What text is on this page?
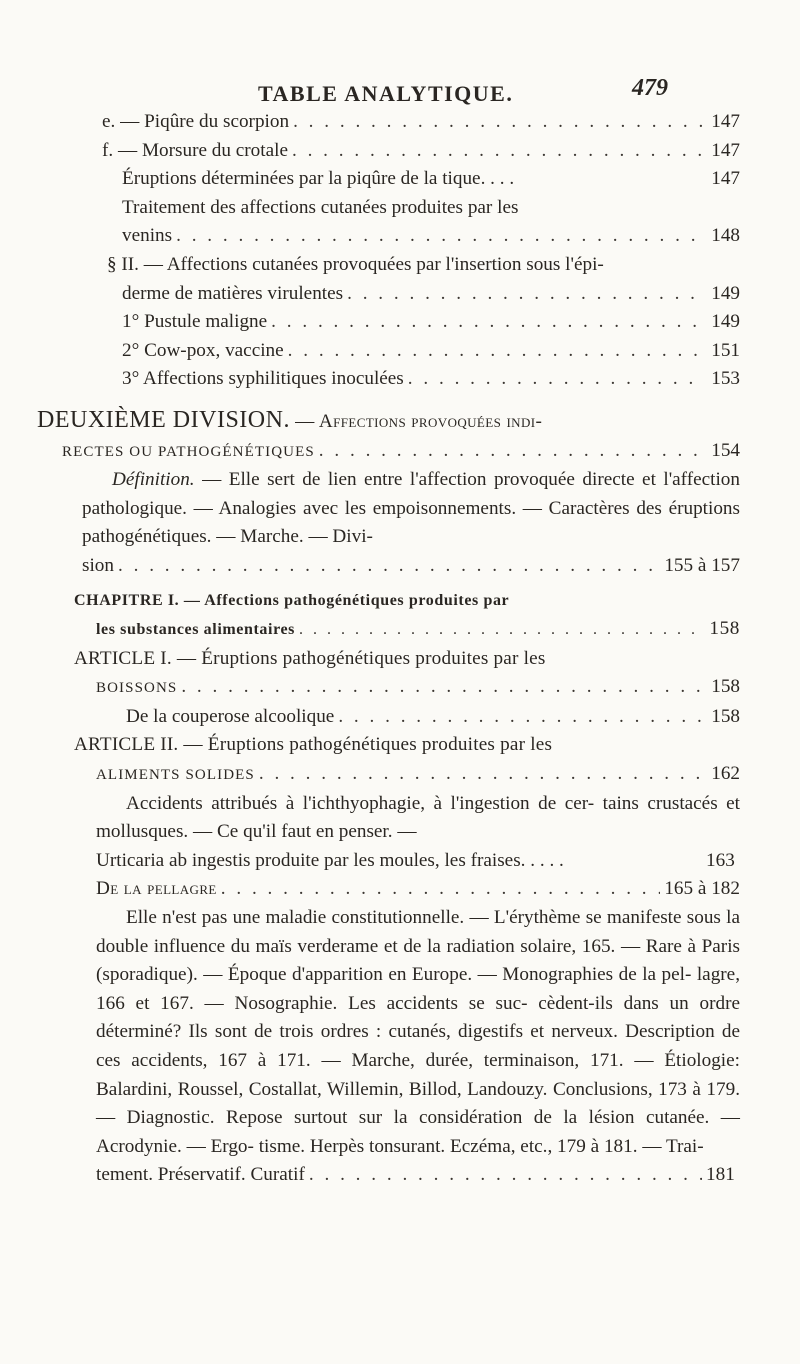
TABLE ANALYTIQUE.	479
e. — Piqûre du scorpion . . .	147
f. — Morsure du crotale . . .	147
Éruptions déterminées par la piqûre de la tique. . . .	147
Traitement des affections cutanées produites par les
venins . . .	148
§ II. — Affections cutanées provoquées par l'insertion sous l'épi-
derme de matières virulentes . . .	149
1° Pustule maligne . . .	149
2° Cow-pox, vaccine . . .	151
3° Affections syphilitiques inoculées . . .	153
DEUXIÈME DIVISION. — Affections provoquées indi-
RECTES OU PATHOGÉNÉTIQUES . . .	154
Définition. — Elle sert de lien entre l'affection provoquée directe et l'affection pathologique. — Analogies avec les empoisonnements. — Caractères des éruptions pathogénétiques. — Marche. — Divi-
sion . . .	155 à 157
CHAPITRE I. — Affections pathogénétiques produites par
les substances alimentaires . . .	158
ARTICLE I. — Éruptions pathogénétiques produites par les
BOISSONS . . .	158
De la couperose alcoolique . . .	158
ARTICLE II. — Éruptions pathogénétiques produites par les
ALIMENTS SOLIDES . . .	162
Accidents attribués à l'ichthyophagie, à l'ingestion de cer- tains crustacés et mollusques. — Ce qu'il faut en penser. —
Urticaria ab ingestis produite par les moules, les fraises. . . . .	163
De la pellagre . . .	165 à 182
Elle n'est pas une maladie constitutionnelle. — L'érythème se manifeste sous la double influence du maïs verderame et de la radiation solaire, 165. — Rare à Paris (sporadique). — Époque d'apparition en Europe. — Monographies de la pel- lagre, 166 et 167. — Nosographie. Les accidents se suc- cèdent-ils dans un ordre déterminé? Ils sont de trois ordres : cutanés, digestifs et nerveux. Description de ces accidents, 167 à 171. — Marche, durée, terminaison, 171. — Étiologie: Balardini, Roussel, Costallat, Willemin, Billod, Landouzy. Conclusions, 173 à 179. — Diagnostic. Repose surtout sur la considération de la lésion cutanée. — Acrodynie. — Ergo- tisme. Herpès tonsurant. Eczéma, etc., 179 à 181. — Trai-
tement. Préservatif. Curatif . . .	181
